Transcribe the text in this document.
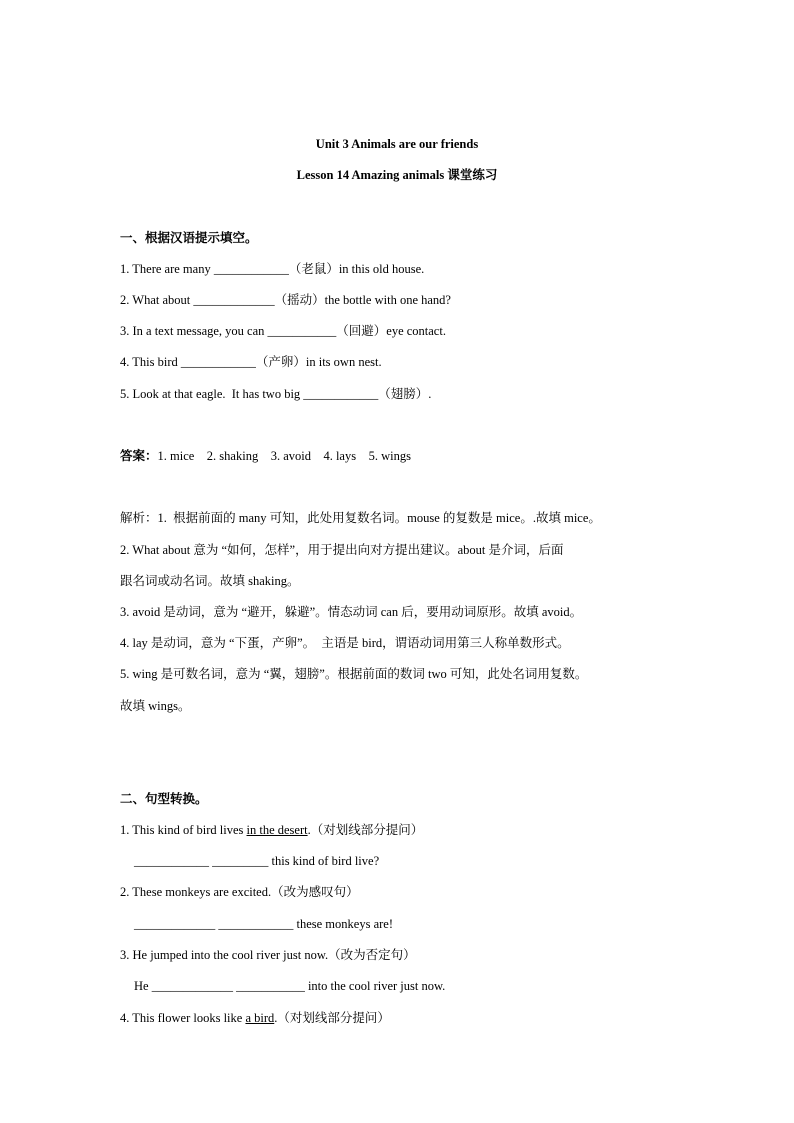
Unit 3 Animals are our friends
Lesson 14 Amazing animals 课堂练习
一、根据汉语提示填空。
1. There are many ____________（老鼠）in this old house.
2. What about _____________（摇动）the bottle with one hand?
3. In a text message, you can ___________（回避）eye contact.
4. This bird ____________（产卵）in its own nest.
5. Look at that eagle.  It has two big ____________（翅膀）.
答案：1. mice    2. shaking    3. avoid    4. lays    5. wings
解析：1.  根据前面的 many 可知，此处用复数名词。mouse 的复数是 mice。.故填 mice。
2. What about 意为 “如何，怎样”，用于提出向对方提出建议。about 是介词，后面
跟名词或动名词。故填 shaking。
3. avoid 是动词，意为 “避开，躲避”。情态动词 can 后，要用动词原形。故填 avoid。
4. lay 是动词，意为 “下蛋，产卵”。  主语是 bird，谓语动词用第三人称单数形式。
5. wing 是可数名词，意为 “翼，翅膀”。根据前面的数词 two 可知，此处名词用复数。
故填 wings。
二、句型转换。
1. This kind of bird lives in the desert.（对划线部分提问）
____________ _________ this kind of bird live?
2. These monkeys are excited.（改为感叹句）
_____________ ____________ these monkeys are!
3. He jumped into the cool river just now.（改为否定句）
He _____________ ___________ into the cool river just now.
4. This flower looks like a bird.（对划线部分提问）
